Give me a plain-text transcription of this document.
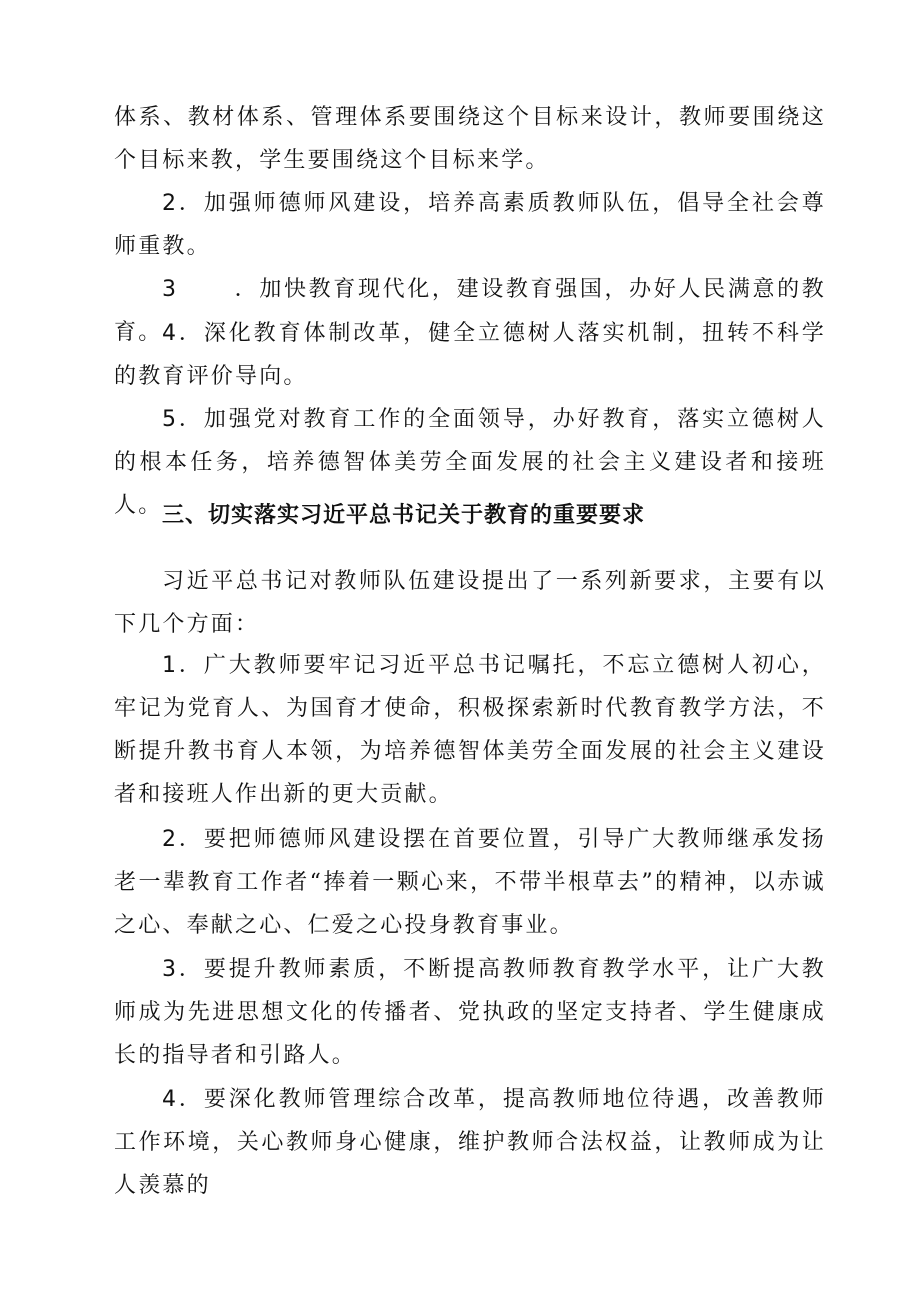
体系、教材体系、管理体系要围绕这个目标来设计，教师要围绕这个目标来教，学生要围绕这个目标来学。

2．加强师德师风建设，培养高素质教师队伍，倡导全社会尊师重教。

3	．加快教育现代化，建设教育强国，办好人民满意的教育。 4．深化教育体制改革，健全立德树人落实机制，扭转不科学的教育评价导向。

5．加强党对教育工作的全面领导，办好教育，落实立德树人的根本任务，培养德智体美劳全面发展的社会主义建设者和接班人。 三、切实落实习近平总书记关于教育的重要要求

习近平总书记对教师队伍建设提出了一系列新要求，主要有以下几个方面：

1．广大教师要牢记习近平总书记嘱托，不忘立德树人初心，牢记为党育人、为国育才使命，积极探索新时代教育教学方法，不断提升教书育人本领，为培养德智体美劳全面发展的社会主义建设者和接班人作出新的更大贡献。

2．要把师德师风建设摆在首要位置，引导广大教师继承发扬老一辈教育工作者“捧着一颗心来，不带半根草去”的精神，以赤诚之心、奉献之心、仁爱之心投身教育事业。

3．要提升教师素质，不断提高教师教育教学水平，让广大教师成为先进思想文化的传播者、党执政的坚定支持者、学生健康成长的指导者和引路人。

4．要深化教师管理综合改革，提高教师地位待遇，改善教师工作环境，关心教师身心健康，维护教师合法权益，让教师成为让人羡慕的
